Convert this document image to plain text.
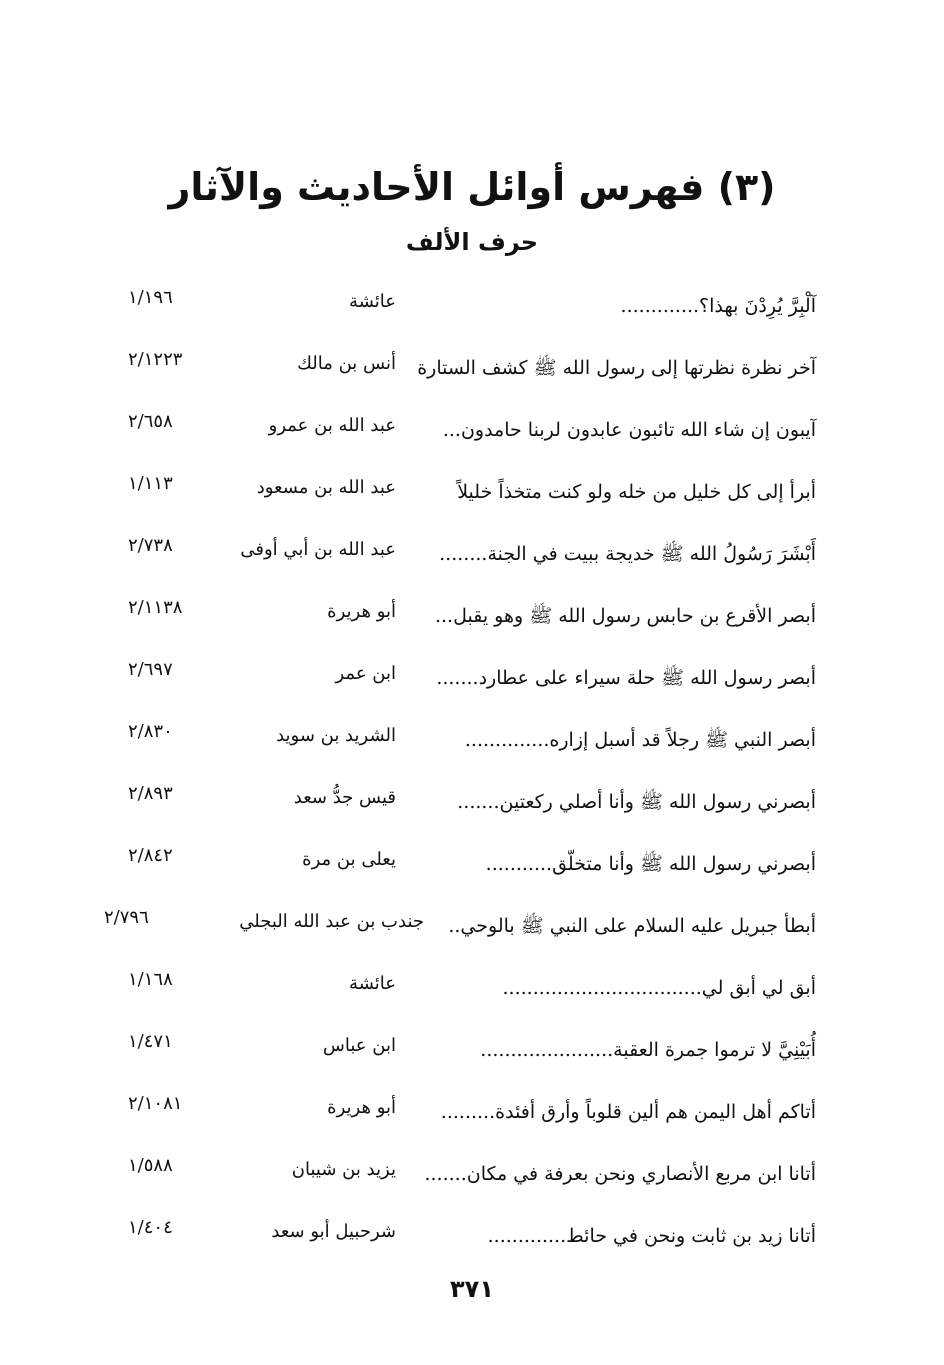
(٣) فهرس أوائل الأحاديث والآثار
حرف الألف
آلْبِرَّ يُرِدْنَ بهذا؟.............
عائشة
١/١٩٦
آخر نظرة نظرتها إلى رسول الله ﷺ كشف الستارة
أنس بن مالك
٢/١٢٢٣
آيبون إن شاء الله تائبون عابدون لربنا حامدون...
عبد الله بن عمرو
٢/٦٥٨
أبرأ إلى كل خليل من خله ولو كنت متخذاً خليلاً
عبد الله بن مسعود
١/١١٣
أَبْشَرَ رَسُولُ الله ﷺ خديجة ببيت في الجنة........
عبد الله بن أبي أوفى
٢/٧٣٨
أبصر الأقرع بن حابس رسول الله ﷺ وهو يقبل...
أبو هريرة
٢/١١٣٨
أبصر رسول الله ﷺ حلة سيراء على عطارد.......
ابن عمر
٢/٦٩٧
أبصر النبي ﷺ رجلاً قد أسبل إزاره..............
الشريد بن سويد
٢/٨٣٠
أبصرني رسول الله ﷺ وأنا أصلي ركعتين.......
قيس جدُّ سعد
٢/٨٩٣
أبصرني رسول الله ﷺ وأنا متخلّق...........
يعلى بن مرة
٢/٨٤٢
أبطأ جبريل عليه السلام على النبي ﷺ بالوحي..
جندب بن عبد الله البجلي
٢/٧٩٦
أبق لي أبق لي.................................
عائشة
١/١٦٨
أُبَيْنِيَّ لا ترموا جمرة العقبة......................
ابن عباس
١/٤٧١
أتاكم أهل اليمن هم ألين قلوباً وأرق أفئدة.........
أبو هريرة
٢/١٠٨١
أتانا ابن مربع الأنصاري ونحن بعرفة في مكان.......
يزيد بن شيبان
١/٥٨٨
أتانا زيد بن ثابت ونحن في حائط.............
شرحبيل أبو سعد
١/٤٠٤
٣٧١
